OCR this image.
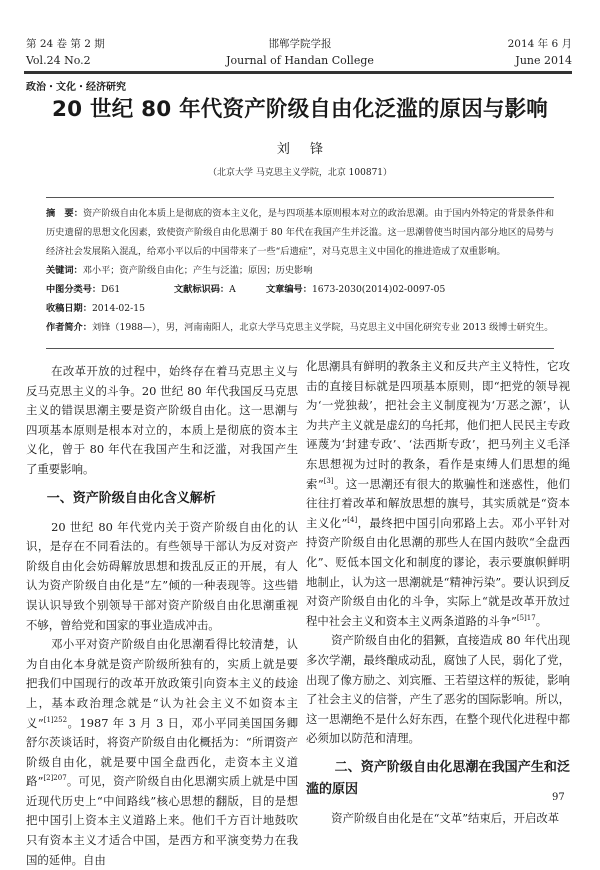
第 24 卷 第 2 期
Vol.24 No.2
邯郸学院学报
Journal of Handan College
2014 年 6 月
June 2014
政治・文化・经济研究
20 世纪 80 年代资产阶级自由化泛滥的原因与影响
刘 锋
（北京大学 马克思主义学院，北京 100871）
摘　要：资产阶级自由化本质上是彻底的资本主义化，是与四项基本原则根本对立的政治思潮。由于国内外特定的背景条件和历史遗留的思想文化因素，致使资产阶级自由化思潮于 80 年代在我国产生并泛滥。这一思潮曾使当时国内部分地区的局势与经济社会发展陷入混乱，给邓小平以后的中国带来了一些“后遗症”，对马克思主义中国化的推进造成了双重影响。
关键词：邓小平；资产阶级自由化；产生与泛滥；原因；历史影响
中图分类号：D61	文献标识码：A	文章编号：1673-2030(2014)02-0097-05
收稿日期：2014-02-15
作者简介：刘锋（1988—），男，河南南阳人，北京大学马克思主义学院，马克思主义中国化研究专业 2013 级博士研究生。

在改革开放的过程中，始终存在着马克思主义与反马克思主义的斗争。20 世纪 80 年代我国反马克思主义的错误思潮主要是资产阶级自由化。这一思潮与四项基本原则是根本对立的，本质上是彻底的资本主义化，曾于 80 年代在我国产生和泛滥，对我国产生了重要影响。

一、资产阶级自由化含义解析

20 世纪 80 年代党内关于资产阶级自由化的认识，是存在不同看法的。有些领导干部认为反对资产阶级自由化会妨碍解放思想和拨乱反正的开展，有人认为资产阶级自由化是“左”倾的一种表现等。这些错误认识导致个别领导干部对资产阶级自由化思潮重视不够，曾给党和国家的事业造成冲击。

邓小平对资产阶级自由化思潮看得比较清楚，认为自由化本身就是资产阶级所独有的，实质上就是要把我们中国现行的改革开放政策引向资本主义的歧途上，基本政治理念就是“认为社会主义不如资本主义”$^{[1]252}$。1987 年 3 月 3 日，邓小平同美国国务卿舒尔茨谈话时，将资产阶级自由化概括为：“所谓资产阶级自由化，就是要中国全盘西化，走资本主义道路”$^{[2]207}$。可见，资产阶级自由化思潮实质上就是中国近现代历史上“中间路线”核心思想的翻版，目的是想把中国引上资本主义道路上来。他们千方百计地鼓吹只有资本主义才适合中国，是西方和平演变势力在我国的延伸。自由

化思潮具有鲜明的教条主义和反共产主义特性，它攻击的直接目标就是四项基本原则，即“把党的领导视为‘一党独裁’，把社会主义制度视为‘万恶之源’，认为共产主义就是虚幻的乌托邦，他们把人民民主专政诬蔑为‘封建专政’、‘法西斯专政’，把马列主义毛泽东思想视为过时的教条，看作是束缚人们思想的绳索”[3]。这一思潮还有很大的欺骗性和迷惑性，他们往往打着改革和解放思想的旗号，其实质就是“资本主义化”[4]，最终把中国引向邪路上去。邓小平针对持资产阶级自由化思潮的那些人在国内鼓吹“全盘西化”、贬低本国文化和制度的谬论，表示要旗帜鲜明地制止，认为这一思潮就是“精神污染”。要认识到反对资产阶级自由化的斗争，实际上“就是改革开放过程中社会主义和资本主义两条道路的斗争”$^{[5]17}$。

资产阶级自由化的猖獗，直接造成 80 年代出现多次学潮，最终酿成动乱，腐蚀了人民，弱化了党，出现了像方励之、刘宾雁、王若望这样的叛徒，影响了社会主义的信誉，产生了恶劣的国际影响。所以，这一思潮绝不是什么好东西，在整个现代化进程中都必须加以防范和清理。

二、资产阶级自由化思潮在我国产生和泛滥的原因

资产阶级自由化是在“文革”结束后，开启改革

97
